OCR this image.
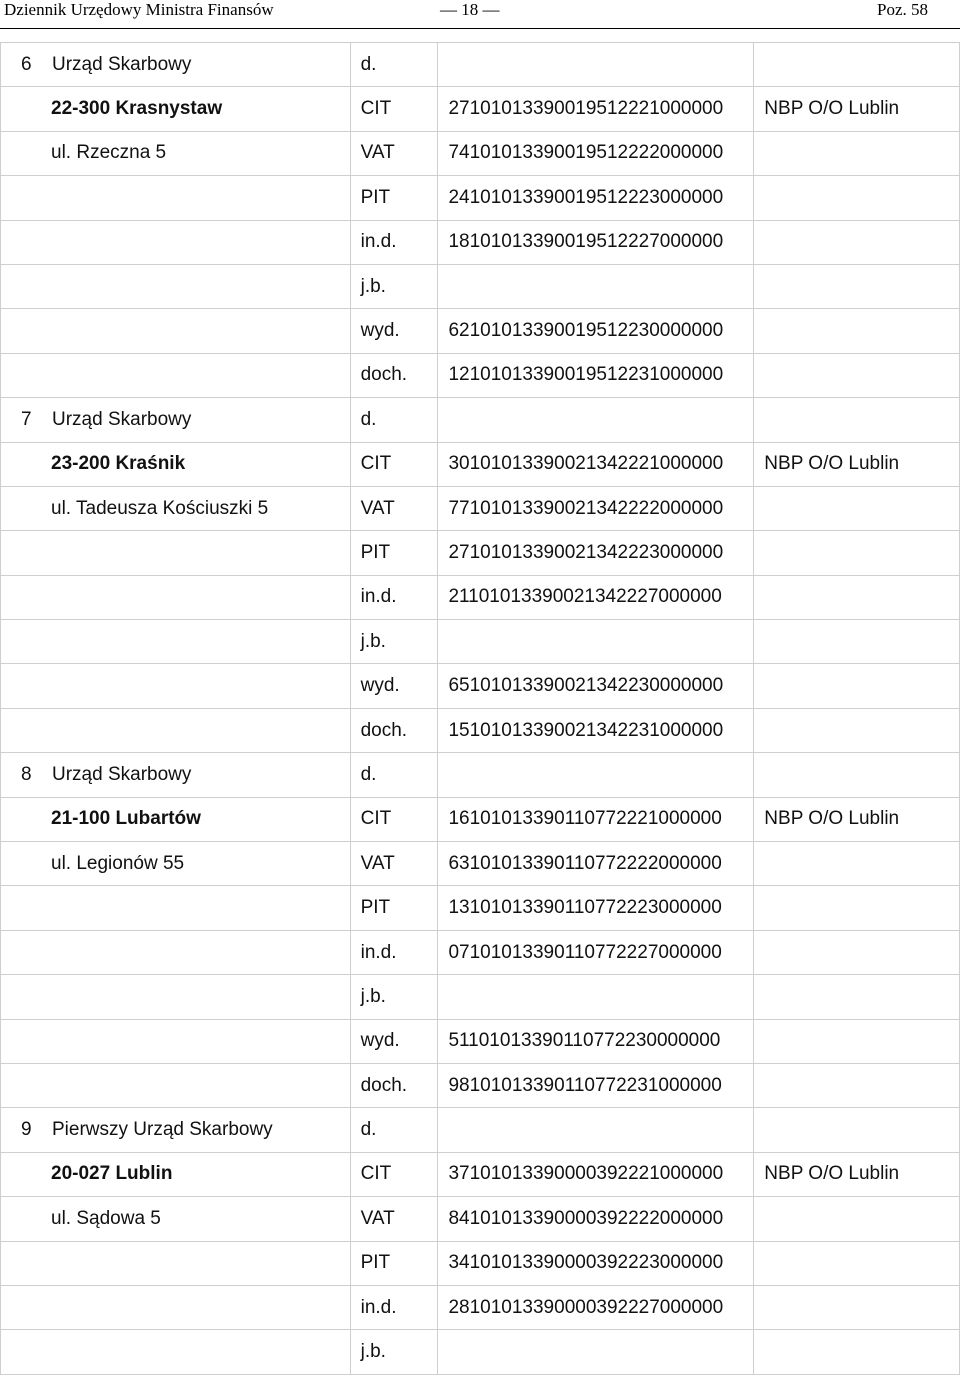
Dziennik Urzędowy Ministra Finansów	— 18 —	Poz. 58
6 Urząd Skarbowy	d.		
22-300 Krasnystaw	CIT	27101013390019512221000000	NBP O/O Lublin
ul. Rzeczna 5	VAT	74101013390019512222000000	
	PIT	24101013390019512223000000	
	in.d.	18101013390019512227000000	
	j.b.		
	wyd.	62101013390019512230000000	
	doch.	12101013390019512231000000	
7 Urząd Skarbowy	d.		
23-200 Kraśnik	CIT	30101013390021342221000000	NBP O/O Lublin
ul. Tadeusza Kościuszki 5	VAT	77101013390021342222000000	
	PIT	27101013390021342223000000	
	in.d.	21101013390021342227000000	
	j.b.		
	wyd.	65101013390021342230000000	
	doch.	15101013390021342231000000	
8 Urząd Skarbowy	d.		
21-100 Lubartów	CIT	16101013390110772221000000	NBP O/O Lublin
ul. Legionów 55	VAT	63101013390110772222000000	
	PIT	13101013390110772223000000	
	in.d.	07101013390110772227000000	
	j.b.		
	wyd.	51101013390110772230000000	
	doch.	98101013390110772231000000	
9 Pierwszy Urząd Skarbowy	d.		
20-027 Lublin	CIT	37101013390000392221000000	NBP O/O Lublin
ul. Sądowa 5	VAT	84101013390000392222000000	
	PIT	34101013390000392223000000	
	in.d.	28101013390000392227000000	
	j.b.		
